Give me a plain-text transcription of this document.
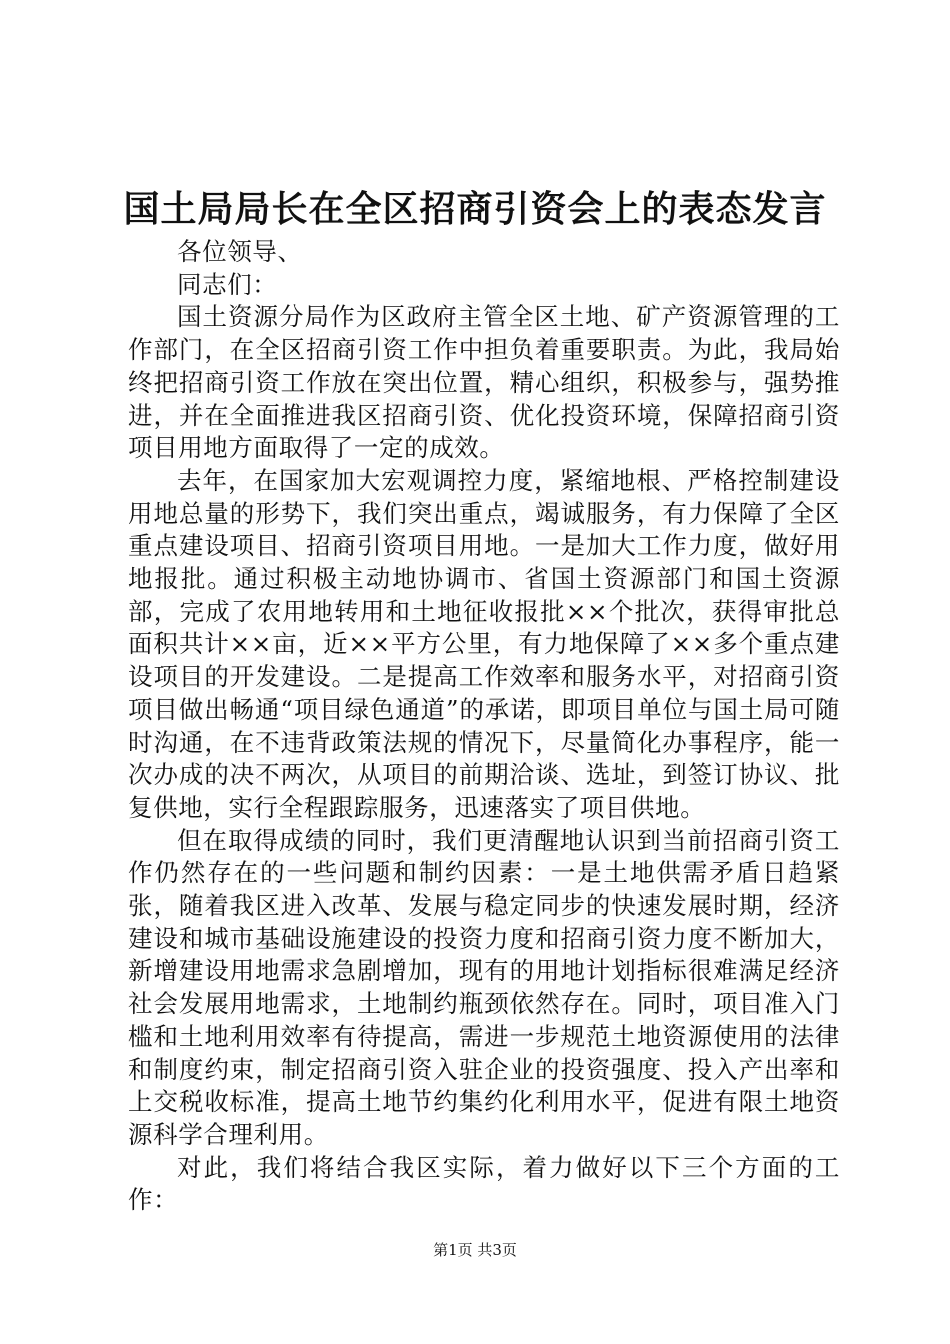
国土局局长在全区招商引资会上的表态发言

各位领导、

同志们：

国土资源分局作为区政府主管全区土地、矿产资源管理的工作部门，在全区招商引资工作中担负着重要职责。为此，我局始终把招商引资工作放在突出位置，精心组织，积极参与，强势推进，并在全面推进我区招商引资、优化投资环境，保障招商引资项目用地方面取得了一定的成效。

去年，在国家加大宏观调控力度，紧缩地根、严格控制建设用地总量的形势下，我们突出重点，竭诚服务，有力保障了全区重点建设项目、招商引资项目用地。一是加大工作力度，做好用地报批。通过积极主动地协调市、省国土资源部门和国土资源部，完成了农用地转用和土地征收报批××个批次，获得审批总面积共计××亩，近××平方公里，有力地保障了××多个重点建设项目的开发建设。二是提高工作效率和服务水平，对招商引资项目做出畅通“项目绿色通道”的承诺，即项目单位与国土局可随时沟通，在不违背政策法规的情况下，尽量简化办事程序，能一次办成的决不两次，从项目的前期洽谈、选址，到签订协议、批复供地，实行全程跟踪服务，迅速落实了项目供地。

但在取得成绩的同时，我们更清醒地认识到当前招商引资工作仍然存在的一些问题和制约因素：一是土地供需矛盾日趋紧张，随着我区进入改革、发展与稳定同步的快速发展时期，经济建设和城市基础设施建设的投资力度和招商引资力度不断加大，新增建设用地需求急剧增加，现有的用地计划指标很难满足经济社会发展用地需求，土地制约瓶颈依然存在。同时，项目准入门槛和土地利用效率有待提高，需进一步规范土地资源使用的法律和制度约束，制定招商引资入驻企业的投资强度、投入产出率和上交税收标准，提高土地节约集约化利用水平，促进有限土地资源科学合理利用。

对此，我们将结合我区实际，着力做好以下三个方面的工作：

第1页 共3页
